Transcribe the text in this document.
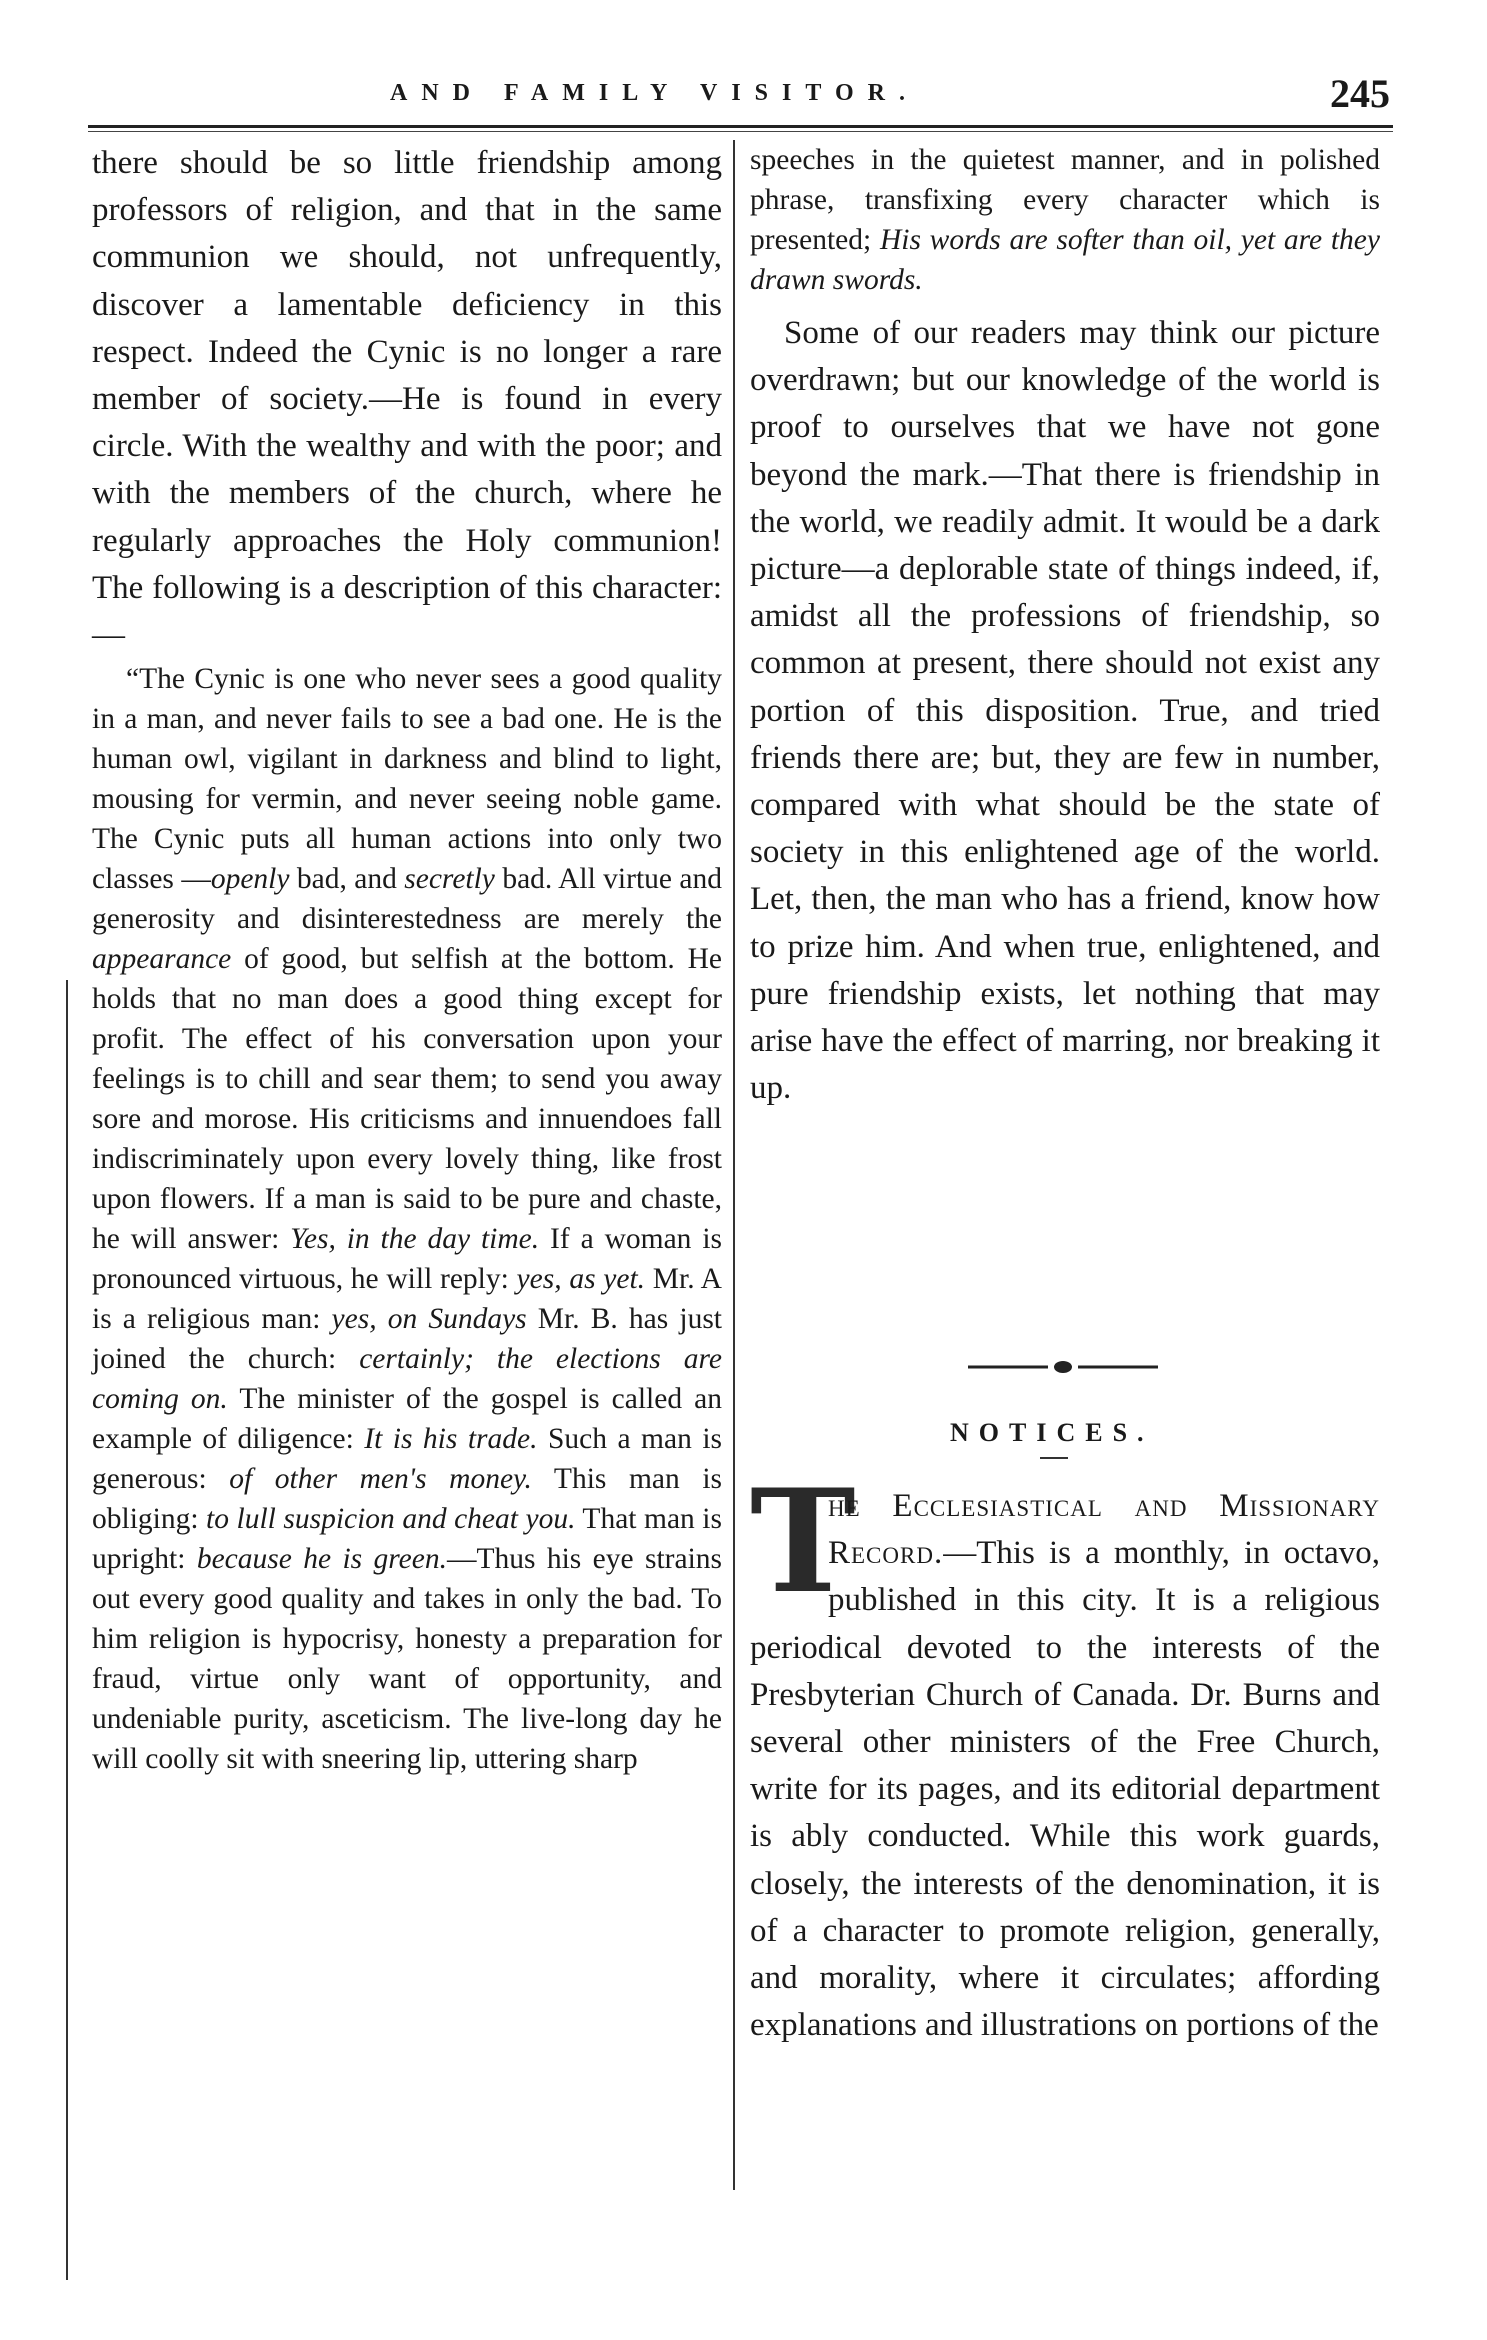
AND FAMILY VISITOR.	245

there should be so little friendship among professors of religion, and that in the same communion we should, not unfrequently, discover a lamentable deficiency in this respect. Indeed the Cynic is no longer a rare member of society.—He is found in every circle. With the wealthy and with the poor; and with the members of the church, where he regularly approaches the Holy communion! The following is a description of this character:—

“The Cynic is one who never sees a good quality in a man, and never fails to see a bad one. He is the human owl, vigilant in darkness and blind to light, mousing for vermin, and never seeing noble game. The Cynic puts all human actions into only two classes —openly bad, and secretly bad. All virtue and generosity and disinterestedness are merely the appearance of good, but selfish at the bottom. He holds that no man does a good thing except for profit. The effect of his conversation upon your feelings is to chill and sear them; to send you away sore and morose. His criticisms and innuendoes fall indiscriminately upon every lovely thing, like frost upon flowers. If a man is said to be pure and chaste, he will answer: Yes, in the day time. If a woman is pronounced virtuous, he will reply: yes, as yet. Mr. A is a religious man: yes, on Sundays Mr. B. has just joined the church: certainly; the elections are coming on. The minister of the gospel is called an example of diligence: It is his trade. Such a man is generous: of other men's money. This man is obliging: to lull suspicion and cheat you. That man is upright: because he is green.—Thus his eye strains out every good quality and takes in only the bad. To him religion is hypocrisy, honesty a preparation for fraud, virtue only want of opportunity, and undeniable purity, asceticism. The live-long day he will coolly sit with sneering lip, uttering sharp

speeches in the quietest manner, and in polished phrase, transfixing every character which is presented; His words are softer than oil, yet are they drawn swords.

Some of our readers may think our picture overdrawn; but our knowledge of the world is proof to ourselves that we have not gone beyond the mark.—That there is friendship in the world, we readily admit. It would be a dark picture—a deplorable state of things indeed, if, amidst all the professions of friendship, so common at present, there should not exist any portion of this disposition. True, and tried friends there are; but, they are few in number, compared with what should be the state of society in this enlightened age of the world. Let, then, the man who has a friend, know how to prize him. And when true, enlightened, and pure friendship exists, let nothing that may arise have the effect of marring, nor breaking it up.

NOTICES.
T

he Ecclesiastical and Missionary Record.—This is a monthly, in octavo, published in this city. It is a religious periodical devoted to the interests of the Presbyterian Church of Canada. Dr. Burns and several other ministers of the Free Church, write for its pages, and its editorial department is ably conducted. While this work guards, closely, the interests of the denomination, it is of a character to promote religion, generally, and morality, where it circulates; affording explanations and illustrations on portions of the
